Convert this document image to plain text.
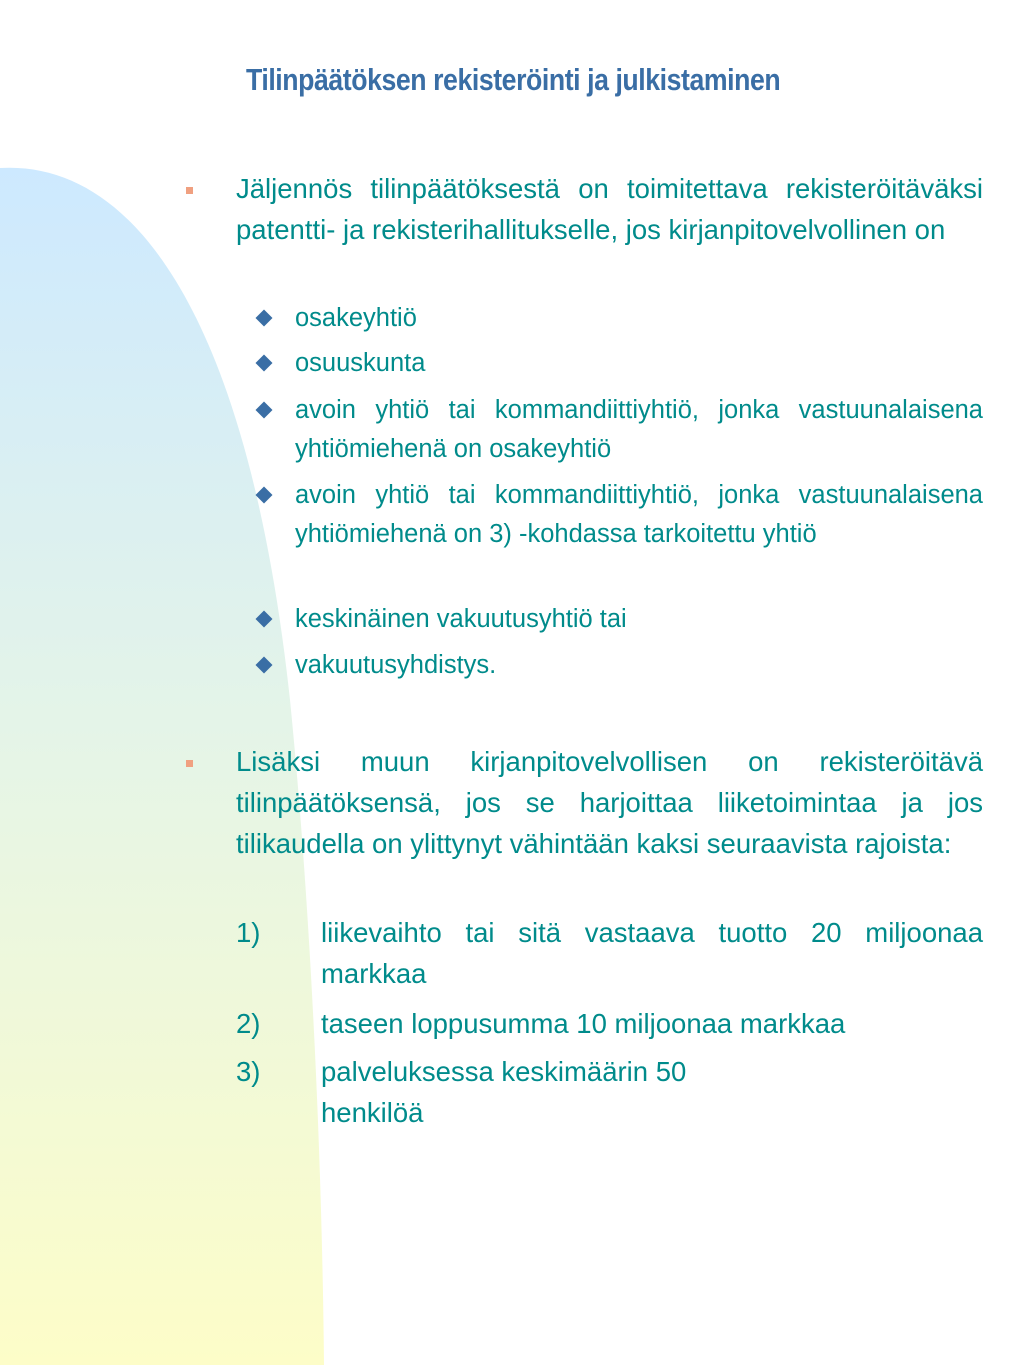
Tilinpäätöksen rekisteröinti ja julkistaminen
Jäljennös tilinpäätöksestä on toimitettava rekisteröitäväksi patentti- ja rekisterihallitukselle, jos kirjanpitovelvollinen on
osakeyhtiö
osuuskunta
avoin yhtiö tai kommandiittiyhtiö, jonka vastuunalaisena yhtiömiehenä on osakeyhtiö
avoin yhtiö tai kommandiittiyhtiö, jonka vastuunalaisena yhtiömiehenä on 3) -kohdassa tarkoitettu yhtiö
keskinäinen vakuutusyhtiö tai
vakuutusyhdistys.
Lisäksi muun kirjanpitovelvollisen on rekisteröitävä tilinpäätöksensä, jos se harjoittaa liiketoimintaa ja jos tilikaudella on ylittynyt vähintään kaksi seuraavista rajoista:
1) liikevaihto tai sitä vastaava tuotto 20 miljoonaa markkaa
2) taseen loppusumma 10 miljoonaa markkaa
3) palveluksessa keskimäärin 50 henkilöä
